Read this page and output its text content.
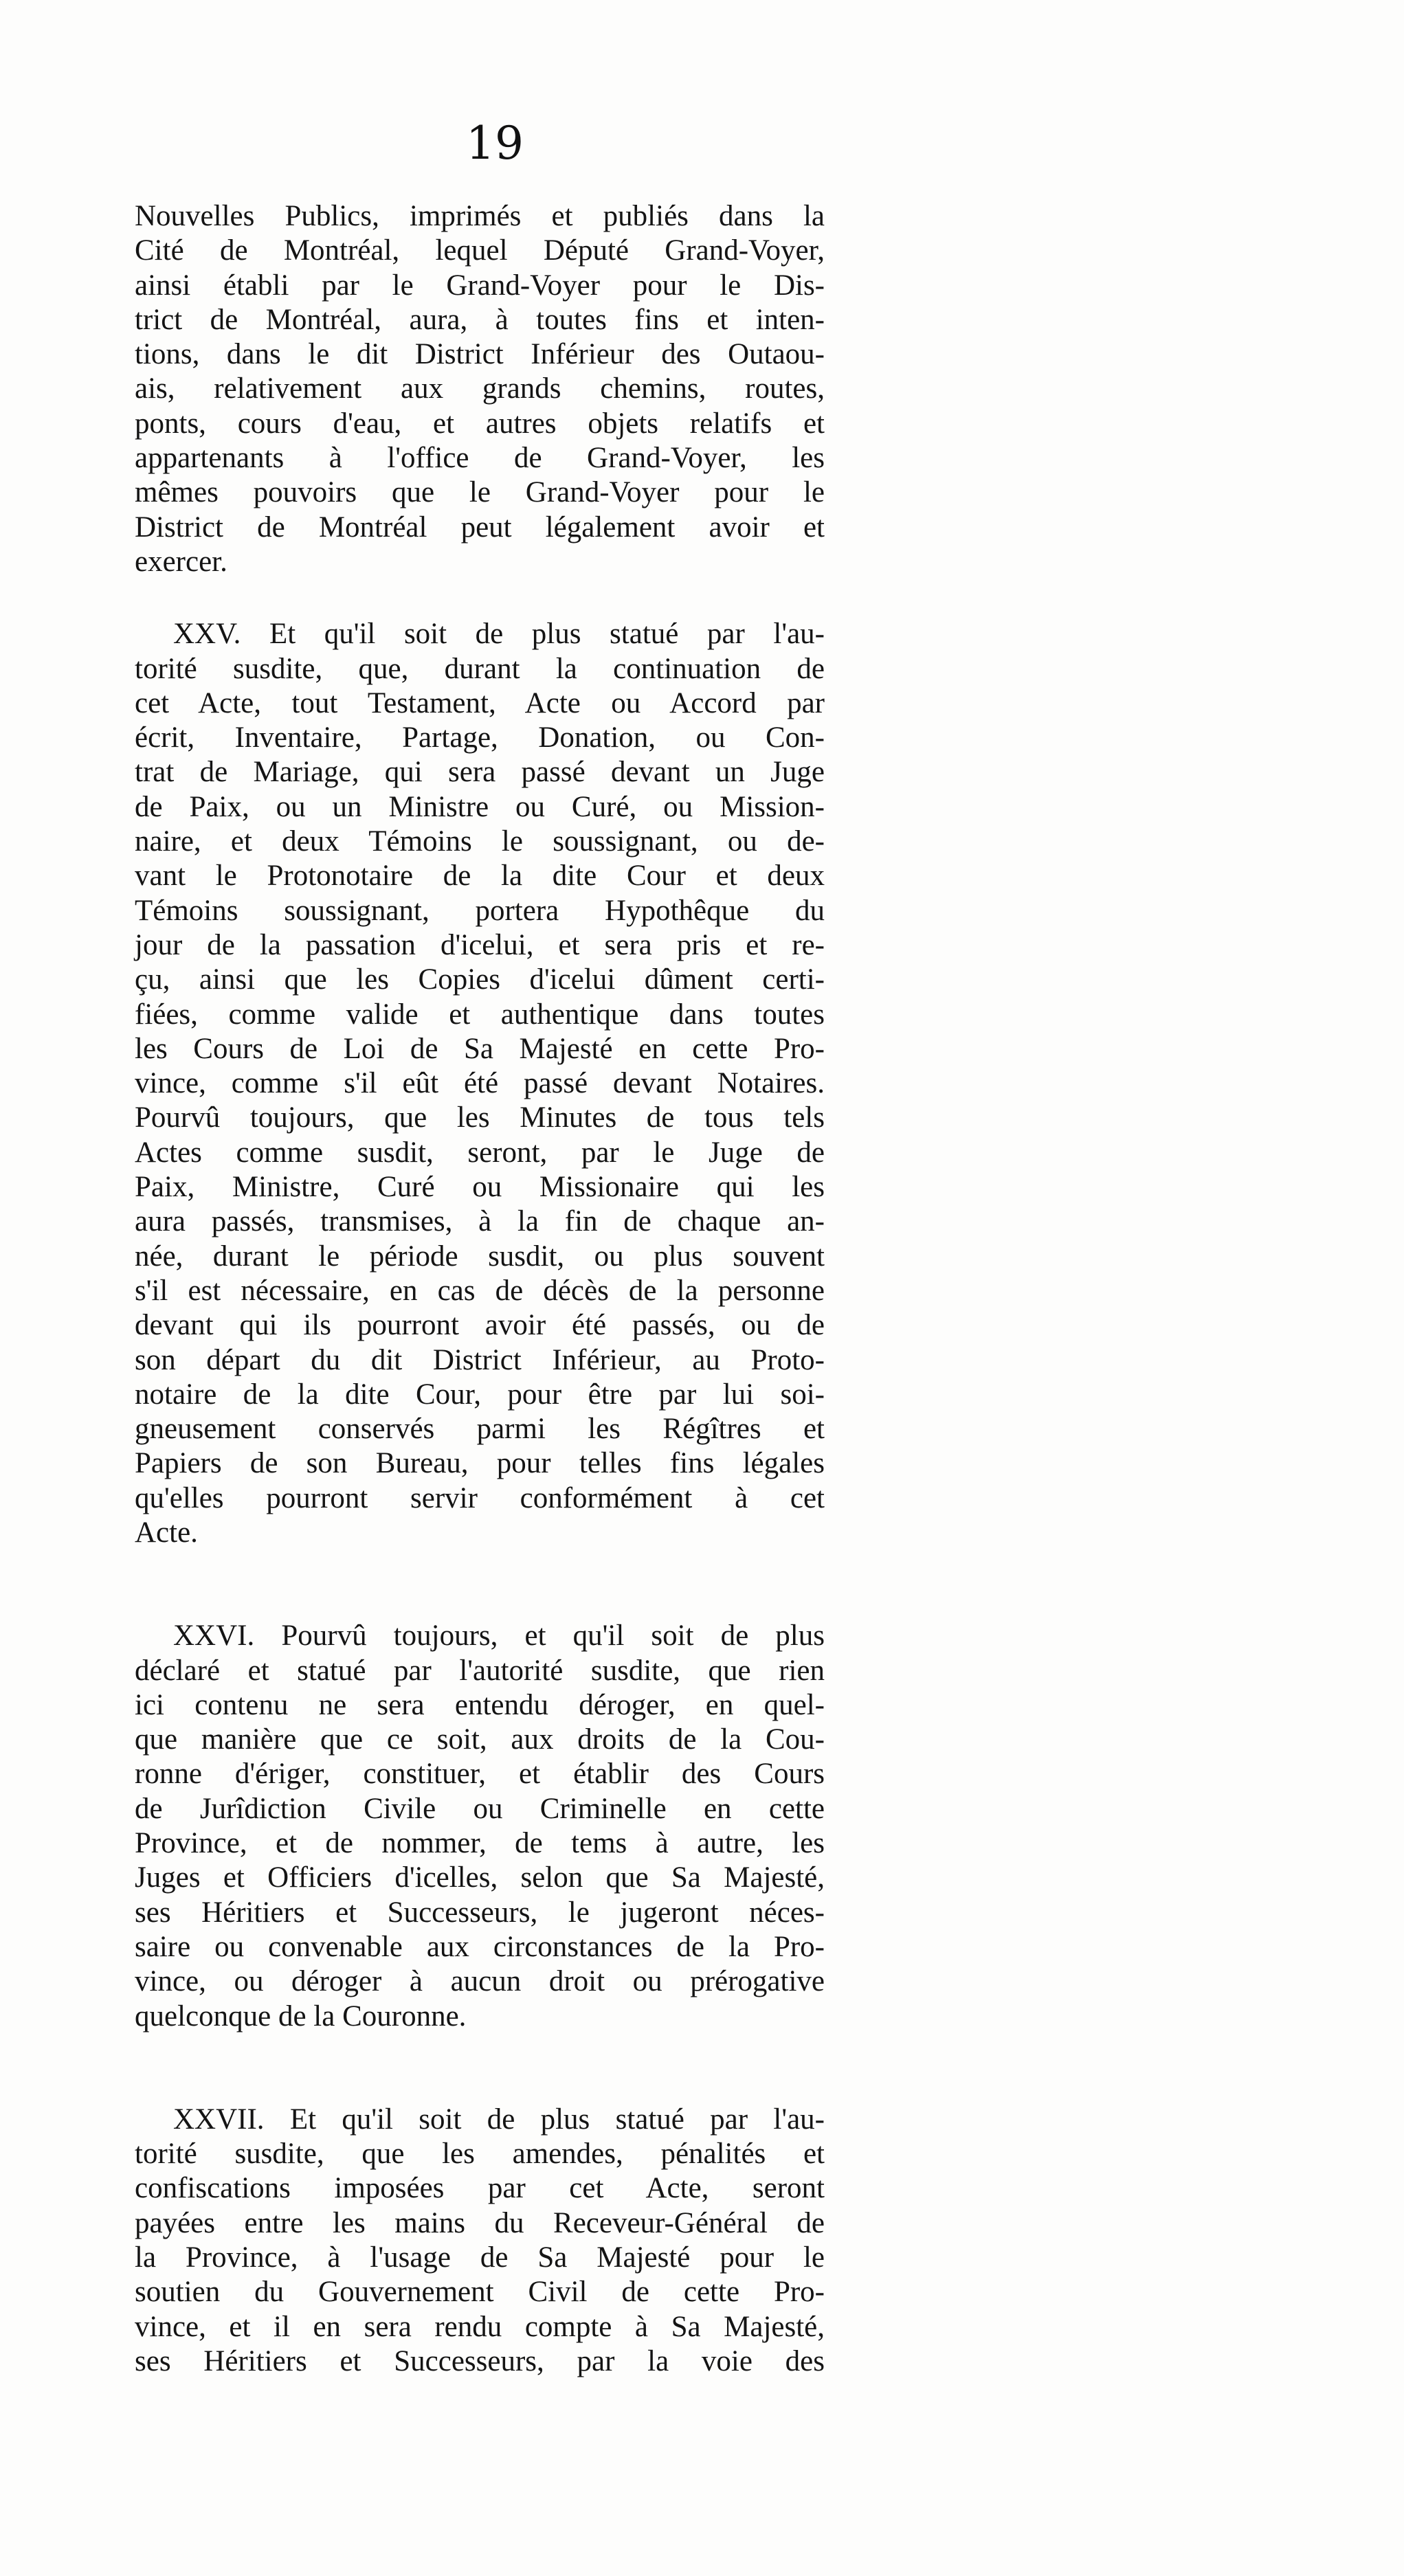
19
Nouvelles Publics, imprimés et publiés dans la
Cité de Montréal, lequel Député Grand-Voyer,
ainsi établi par le Grand-Voyer pour le Dis-
trict de Montréal, aura, à toutes fins et inten-
tions, dans le dit District Inférieur des Outaou-
ais, relativement aux grands chemins, routes,
ponts, cours d'eau, et autres objets relatifs et
appartenants à l'office de Grand-Voyer, les
mêmes pouvoirs que le Grand-Voyer pour le
District de Montréal peut légalement avoir et
exercer.
XXV. Et qu'il soit de plus statué par l'au-
torité susdite, que, durant la continuation de
cet Acte, tout Testament, Acte ou Accord par
écrit, Inventaire, Partage, Donation, ou Con-
trat de Mariage, qui sera passé devant un Juge
de Paix, ou un Ministre ou Curé, ou Mission-
naire, et deux Témoins le soussignant, ou de-
vant le Protonotaire de la dite Cour et deux
Témoins soussignant, portera Hypothêque du
jour de la passation d'icelui, et sera pris et re-
çu, ainsi que les Copies d'icelui dûment certi-
fiées, comme valide et authentique dans toutes
les Cours de Loi de Sa Majesté en cette Pro-
vince, comme s'il eût été passé devant Notaires.
Pourvû toujours, que les Minutes de tous tels
Actes comme susdit, seront, par le Juge de
Paix, Ministre, Curé ou Missionaire qui les
aura passés, transmises, à la fin de chaque an-
née, durant le période susdit, ou plus souvent
s'il est nécessaire, en cas de décès de la personne
devant qui ils pourront avoir été passés, ou de
son départ du dit District Inférieur, au Proto-
notaire de la dite Cour, pour être par lui soi-
gneusement conservés parmi les Régîtres et
Papiers de son Bureau, pour telles fins légales
qu'elles pourront servir conformément à cet
Acte.
XXVI. Pourvû toujours, et qu'il soit de plus
déclaré et statué par l'autorité susdite, que rien
ici contenu ne sera entendu déroger, en quel-
que manière que ce soit, aux droits de la Cou-
ronne d'ériger, constituer, et établir des Cours
de Jurîdiction Civile ou Criminelle en cette
Province, et de nommer, de tems à autre, les
Juges et Officiers d'icelles, selon que Sa Majesté,
ses Héritiers et Successeurs, le jugeront néces-
saire ou convenable aux circonstances de la Pro-
vince, ou déroger à aucun droit ou prérogative
quelconque de la Couronne.
XXVII. Et qu'il soit de plus statué par l'au-
torité susdite, que les amendes, pénalités et
confiscations imposées par cet Acte, seront
payées entre les mains du Receveur-Général de
la Province, à l'usage de Sa Majesté pour le
soutien du Gouvernement Civil de cette Pro-
vince, et il en sera rendu compte à Sa Majesté,
ses Héritiers et Successeurs, par la voie des
